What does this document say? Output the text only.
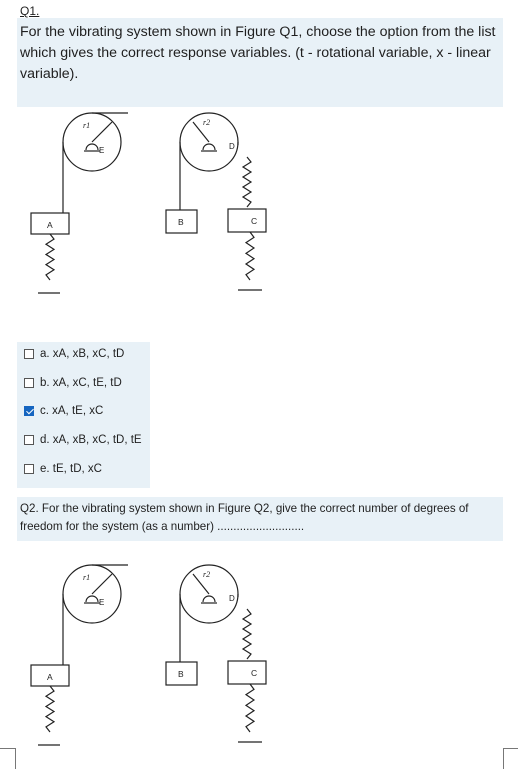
Q1.

For the vibrating system shown in Figure Q1, choose the option from the list which gives the correct response variables. (t - rotational variable, x - linear variable).

r1
E
r2
D
A	B	C
a. xA, xB, xC, tD
b. xA, xC, tE, tD
c. xA, tE, xC
d. xA, xB, xC, tD, tE
e. tE, tD, xC

Q2. For the vibrating system shown in Figure Q2, give the correct number of degrees of freedom for the system (as a number) ...........................

r1
E
r2
D
A	B	C
